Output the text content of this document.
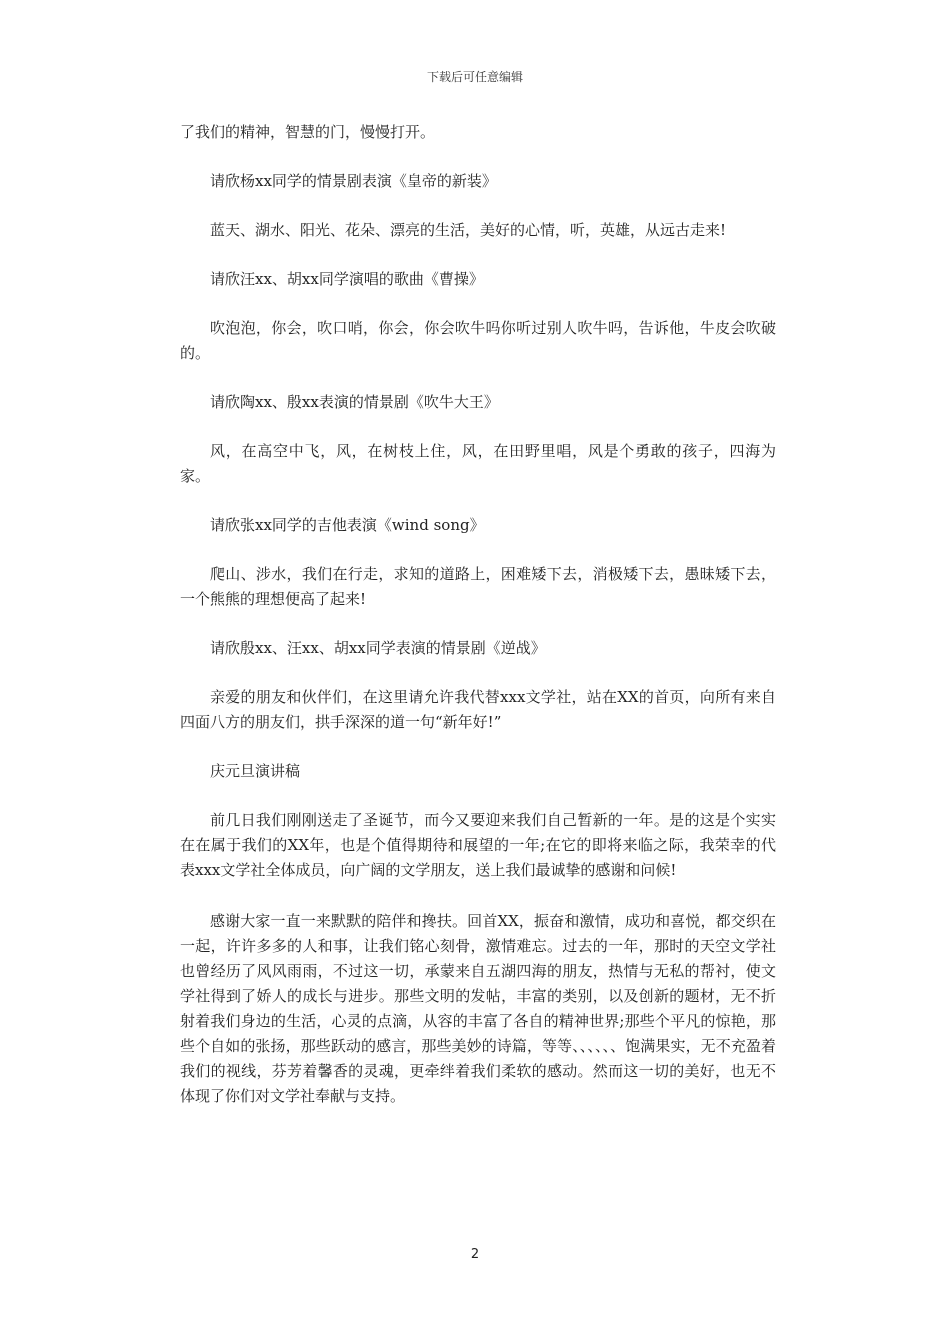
下载后可任意编辑

了我们的精神，智慧的门，慢慢打开。

请欣杨xx同学的情景剧表演《皇帝的新装》

蓝天、湖水、阳光、花朵、漂亮的生活，美好的心情，听，英雄，从远古走来!

请欣汪xx、胡xx同学演唱的歌曲《曹操》

吹泡泡，你会，吹口哨，你会，你会吹牛吗你听过别人吹牛吗，告诉他，牛皮会吹破的。

请欣陶xx、殷xx表演的情景剧《吹牛大王》

风，在高空中飞，风，在树枝上住，风，在田野里唱，风是个勇敢的孩子，四海为家。

请欣张xx同学的吉他表演《wind song》

爬山、涉水，我们在行走，求知的道路上，困难矮下去，消极矮下去，愚昧矮下去，一个熊熊的理想便高了起来!

请欣殷xx、汪xx、胡xx同学表演的情景剧《逆战》

亲爱的朋友和伙伴们，在这里请允许我代替xxx文学社，站在XX的首页，向所有来自四面八方的朋友们，拱手深深的道一句“新年好!”

庆元旦演讲稿

前几日我们刚刚送走了圣诞节，而今又要迎来我们自己暂新的一年。是的这是个实实在在属于我们的XX年，也是个值得期待和展望的一年;在它的即将来临之际，我荣幸的代表xxx文学社全体成员，向广阔的文学朋友，送上我们最诚挚的感谢和问候!

感谢大家一直一来默默的陪伴和搀扶。回首XX，振奋和激情，成功和喜悦，都交织在一起，许许多多的人和事，让我们铭心刻骨，激情难忘。过去的一年，那时的天空文学社也曾经历了风风雨雨，不过这一切，承蒙来自五湖四海的朋友，热情与无私的帮衬，使文学社得到了娇人的成长与进步。那些文明的发帖，丰富的类别，以及创新的题材，无不折射着我们身边的生活，心灵的点滴，从容的丰富了各自的精神世界;那些个平凡的惊艳，那些个自如的张扬，那些跃动的感言，那些美妙的诗篇，等等、、、、、、饱满果实，无不充盈着我们的视线，芬芳着馨香的灵魂，更牵绊着我们柔软的感动。然而这一切的美好，也无不体现了你们对文学社奉献与支持。

2
